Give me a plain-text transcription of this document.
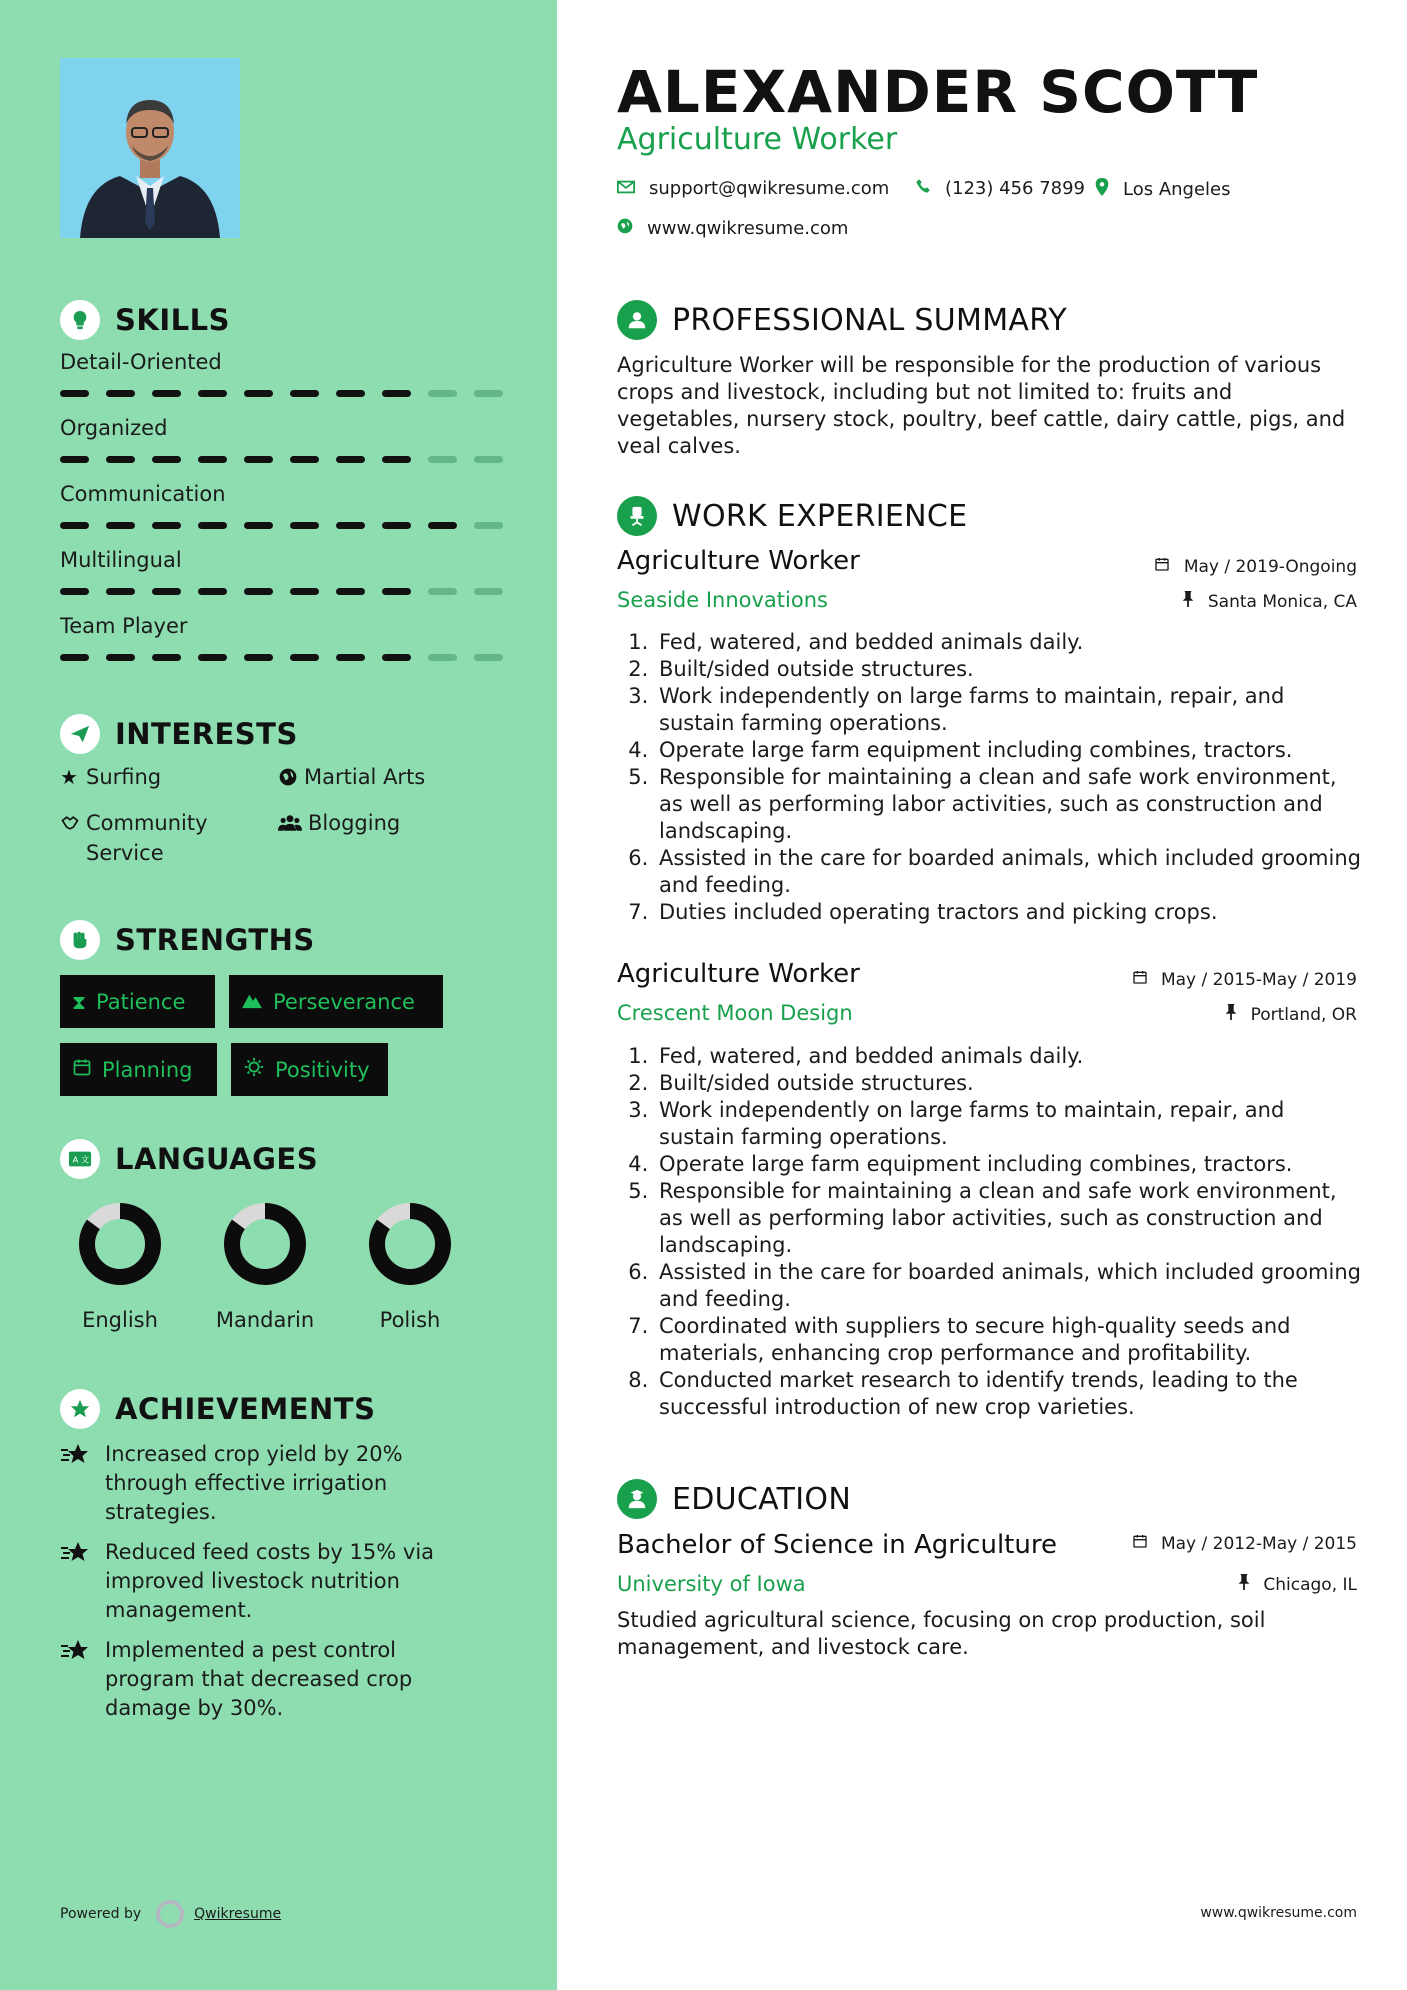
SKILLS
Detail-Oriented
Organized
Communication
Multilingual
Team Player
INTERESTS
★ Surfing	Martial Arts
Community Service
Blogging
STRENGTHS
⧗ Patience	Perseverance
Planning	Positivity
A 文 LANGUAGES
English	Mandarin	Polish
ACHIEVEMENTS
Increased crop yield by 20% through effective irrigation strategies.
Reduced feed costs by 15% via improved livestock nutrition management.
Implemented a pest control program that decreased crop damage by 30%.
Powered by	Qwikresume
ALEXANDER SCOTT
Agriculture Worker
support@qwikresume.com	(123) 456 7899 Los Angeles
www.qwikresume.com
PROFESSIONAL SUMMARY

Agriculture Worker will be responsible for the production of various crops and livestock, including but not limited to: fruits and vegetables, nursery stock, poultry, beef cattle, dairy cattle, pigs, and veal calves.

WORK EXPERIENCE
Agriculture Worker
Seaside Innovations
May / 2019-Ongoing
Santa Monica, CA
1. Fed, watered, and bedded animals daily.
2. Built/sided outside structures.
3. Work independently on large farms to maintain, repair, and sustain farming operations.
4. Operate large farm equipment including combines, tractors.
5. Responsible for maintaining a clean and safe work environment, as well as performing labor activities, such as construction and landscaping.
6. Assisted in the care for boarded animals, which included grooming and feeding.
7. Duties included operating tractors and picking crops.
Agriculture Worker
Crescent Moon Design
May / 2015-May / 2019
Portland, OR
1. Fed, watered, and bedded animals daily.
2. Built/sided outside structures.
3. Work independently on large farms to maintain, repair, and sustain farming operations.
4. Operate large farm equipment including combines, tractors.
5. Responsible for maintaining a clean and safe work environment, as well as performing labor activities, such as construction and landscaping.
6. Assisted in the care for boarded animals, which included grooming and feeding.
7. Coordinated with suppliers to secure high-quality seeds and materials, enhancing crop performance and profitability.
8. Conducted market research to identify trends, leading to the successful introduction of new crop varieties.
EDUCATION
Bachelor of Science in Agriculture
University of Iowa
May / 2012-May / 2015
Chicago, IL

Studied agricultural science, focusing on crop production, soil management, and livestock care.

www.qwikresume.com
